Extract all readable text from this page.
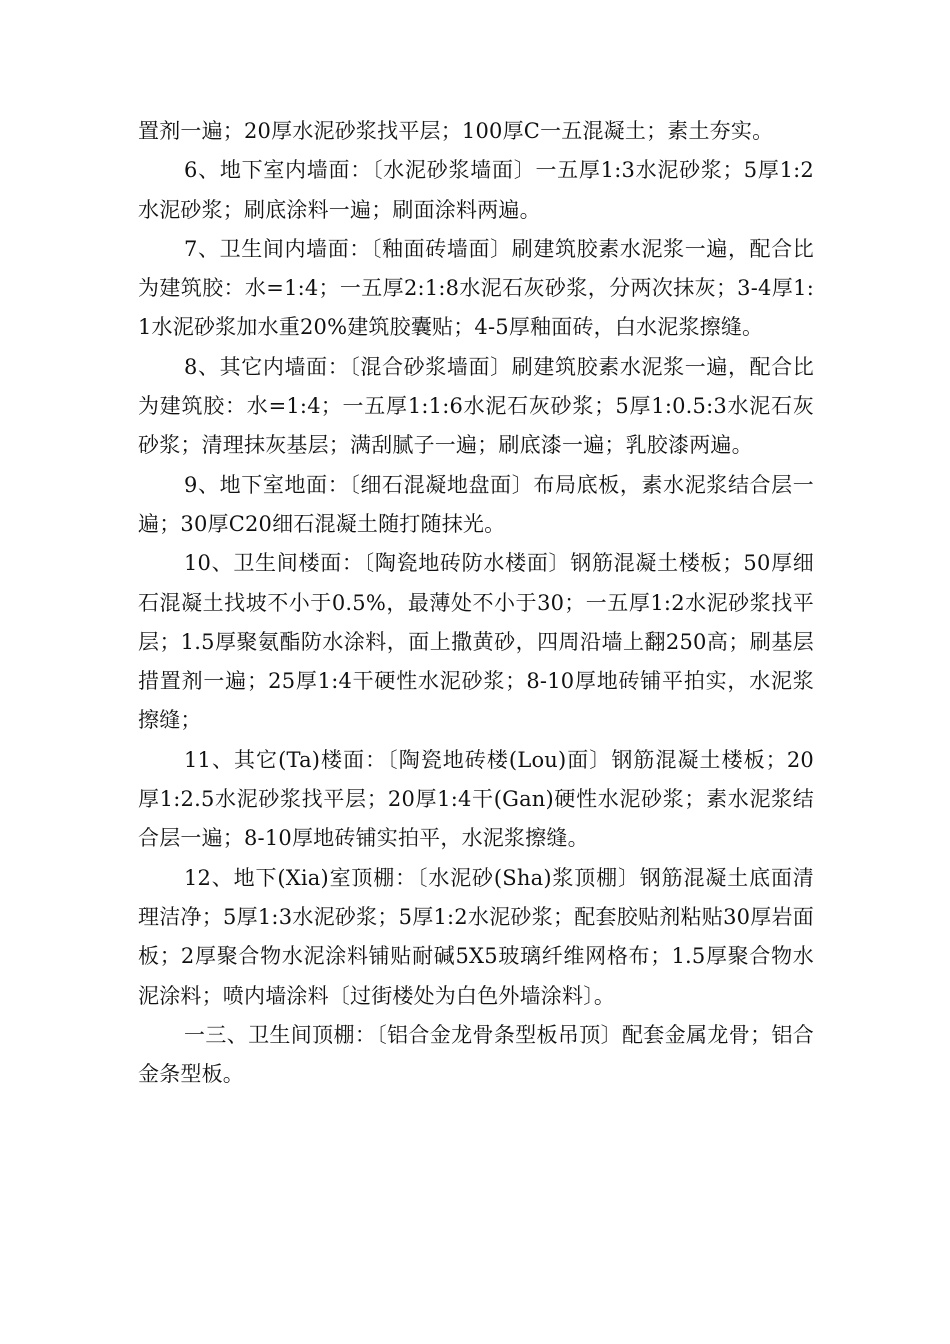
置剂一遍；20厚水泥砂浆找平层；100厚C一五混凝土；素土夯实。

6、地下室内墙面：〔水泥砂浆墙面〕一五厚1:3水泥砂浆；5厚1:2水泥砂浆；刷底涂料一遍；刷面涂料两遍。

7、卫生间内墙面：〔釉面砖墙面〕刷建筑胶素水泥浆一遍，配合比为建筑胶：水=1:4；一五厚2:1:8水泥石灰砂浆，分两次抹灰；3-4厚1:1水泥砂浆加水重20%建筑胶囊贴；4-5厚釉面砖，白水泥浆擦缝。

8、其它内墙面：〔混合砂浆墙面〕刷建筑胶素水泥浆一遍，配合比为建筑胶：水=1:4；一五厚1:1:6水泥石灰砂浆；5厚1:0.5:3水泥石灰砂浆；清理抹灰基层；满刮腻子一遍；刷底漆一遍；乳胶漆两遍。

9、地下室地面：〔细石混凝地盘面〕布局底板，素水泥浆结合层一遍；30厚C20细石混凝土随打随抹光。

10、卫生间楼面：〔陶瓷地砖防水楼面〕钢筋混凝土楼板；50厚细石混凝土找坡不小于0.5%，最薄处不小于30；一五厚1:2水泥砂浆找平层；1.5厚聚氨酯防水涂料，面上撒黄砂，四周沿墙上翻250高；刷基层措置剂一遍；25厚1:4干硬性水泥砂浆；8-10厚地砖铺平拍实，水泥浆擦缝；

11、其它(Ta)楼面：〔陶瓷地砖楼(Lou)面〕钢筋混凝土楼板；20厚1:2.5水泥砂浆找平层；20厚1:4干(Gan)硬性水泥砂浆；素水泥浆结合层一遍；8-10厚地砖铺实拍平，水泥浆擦缝。

12、地下(Xia)室顶棚：〔水泥砂(Sha)浆顶棚〕钢筋混凝土底面清理洁净；5厚1:3水泥砂浆；5厚1:2水泥砂浆；配套胶贴剂粘贴30厚岩面板；2厚聚合物水泥涂料铺贴耐碱5X5玻璃纤维网格布；1.5厚聚合物水泥涂料；喷内墙涂料〔过街楼处为白色外墙涂料〕。

一三、卫生间顶棚：〔铝合金龙骨条型板吊顶〕配套金属龙骨；铝合金条型板。
